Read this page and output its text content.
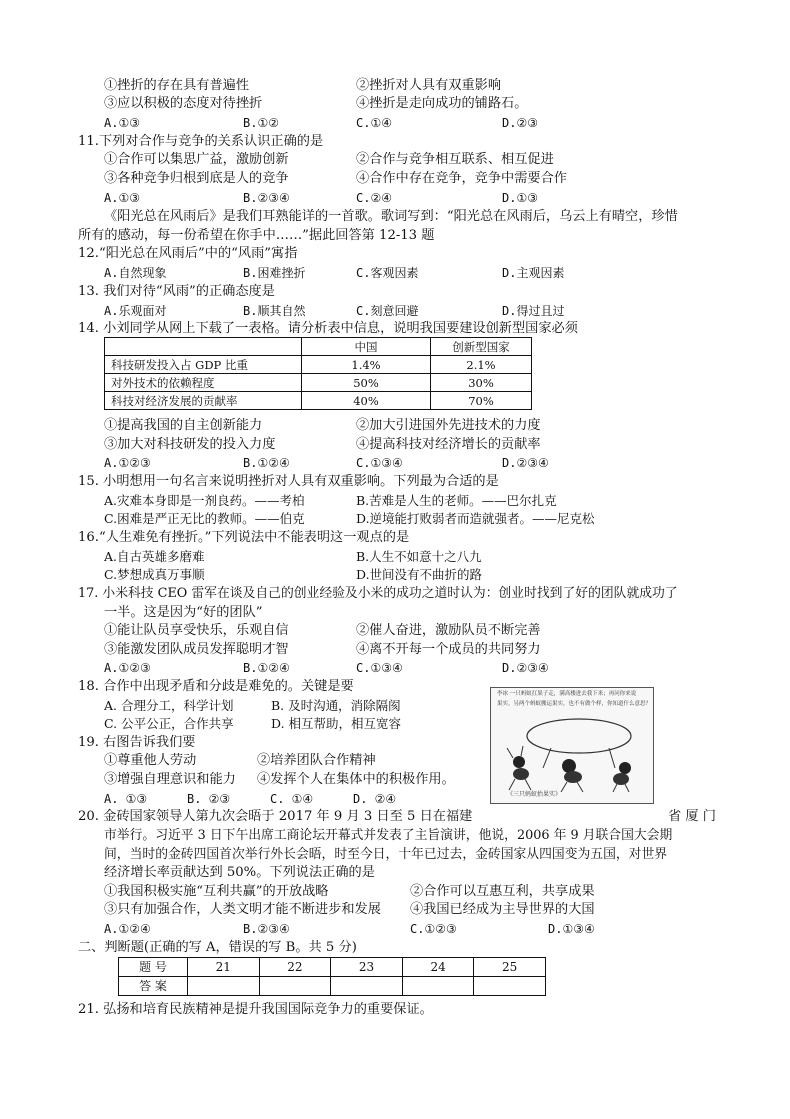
①挫折的存在具有普遍性	②挫折对人具有双重影响
③应以积极的态度对待挫折	④挫折是走向成功的铺路石。
A.①③	B.①②	C.①④	D.②③
11.下列对合作与竞争的关系认识正确的是
①合作可以集思广益，激励创新	②合作与竞争相互联系、相互促进
③各种竞争归根到底是人的竞争	④合作中存在竞争，竞争中需要合作
A.①③	B.②③④	C.②④	D.①③
《阳光总在风雨后》是我们耳熟能详的一首歌。歌词写到：“阳光总在风雨后，乌云上有晴空，珍惜
所有的感动，每一份希望在你手中……”据此回答第 12-13 题
12.“阳光总在风雨后”中的“风雨”寓指
A.自然现象	B.困难挫折	C.客观因素	D.主观因素
13. 我们对待“风雨”的正确态度是
A.乐观面对	B.顺其自然	C.刻意回避	D.得过且过
14. 小刘同学从网上下载了一表格。请分析表中信息，说明我国要建设创新型国家必须
	中国	创新型国家
科技研发投入占 GDP 比重	1.4%	2.1%
对外技术的依赖程度	50%	30%
科技对经济发展的贡献率	40%	70%
①提高我国的自主创新能力	②加大引进国外先进技术的力度
③加大对科技研发的投入力度	④提高科技对经济增长的贡献率
A.①②③	B.①②④	C.①③④	D.②③④
15. 小明想用一句名言来说明挫折对人具有双重影响。下列最为合适的是
A.灾难本身即是一剂良药。——考柏	B.苦难是人生的老师。——巴尔扎克
C.困难是严正无比的教师。——伯克	D.逆境能打败弱者而造就强者。——尼克松
16.“人生难免有挫折。”下列说法中不能表明这一观点的是
A.自古英雄多磨难	B.人生不如意十之八九
C.梦想成真万事顺	D.世间没有不曲折的路
17. 小米科技 CEO 雷军在谈及自己的创业经验及小米的成功之道时认为：创业时找到了好的团队就成功了
一半。这是因为“好的团队”
①能让队员享受快乐，乐观自信	②催人奋进，激励队员不断完善
③能激发团队成员发挥聪明才智	④离不开每一个成员的共同努力
A.①②③	B.①②④	C.①③④	D.②③④
18. 合作中出现矛盾和分歧是难免的。关键是要
A. 合理分工，科学计划	B. 及时沟通，消除隔阂
C. 公平公正，合作共享	D. 相互帮助，相互宽容
19. 右图告诉我们要
①尊重他人劳动	②培养团队合作精神
③增强自理意识和能力 ④发挥个人在集体中的积极作用。
A. ①③	B. ②③	C. ①④	D. ②④
李冰 一只蚂蚁扛果子走，满高楼进去我下米；再问你来说
果实。另两个蚂蚁搬运果实，也不有做个样，你知道什么意思？
《三只蚂蚁抬果实》
20. 金砖国家领导人第九次会晤于 2017 年 9 月 3 日至 5 日在福建	省 厦 门
市举行。习近平 3 日下午出席工商论坛开幕式并发表了主旨演讲，他说，2006 年 9 月联合国大会期
间，当时的金砖四国首次举行外长会晤，时至今日，十年已过去，金砖国家从四国变为五国，对世界
经济增长率贡献达到 50%。下列说法正确的是
①我国积极实施“互利共赢”的开放战略	②合作可以互惠互利，共享成果
③只有加强合作，人类文明才能不断进步和发展 ④我国已经成为主导世界的大国
A.①②④	B.②③④	C.①②③	D.①③④
二、判断题(正确的写 A，错误的写 B。共 5 分)
题 号	21	22	23	24	25
答 案					
21. 弘扬和培育民族精神是提升我国国际竞争力的重要保证。
